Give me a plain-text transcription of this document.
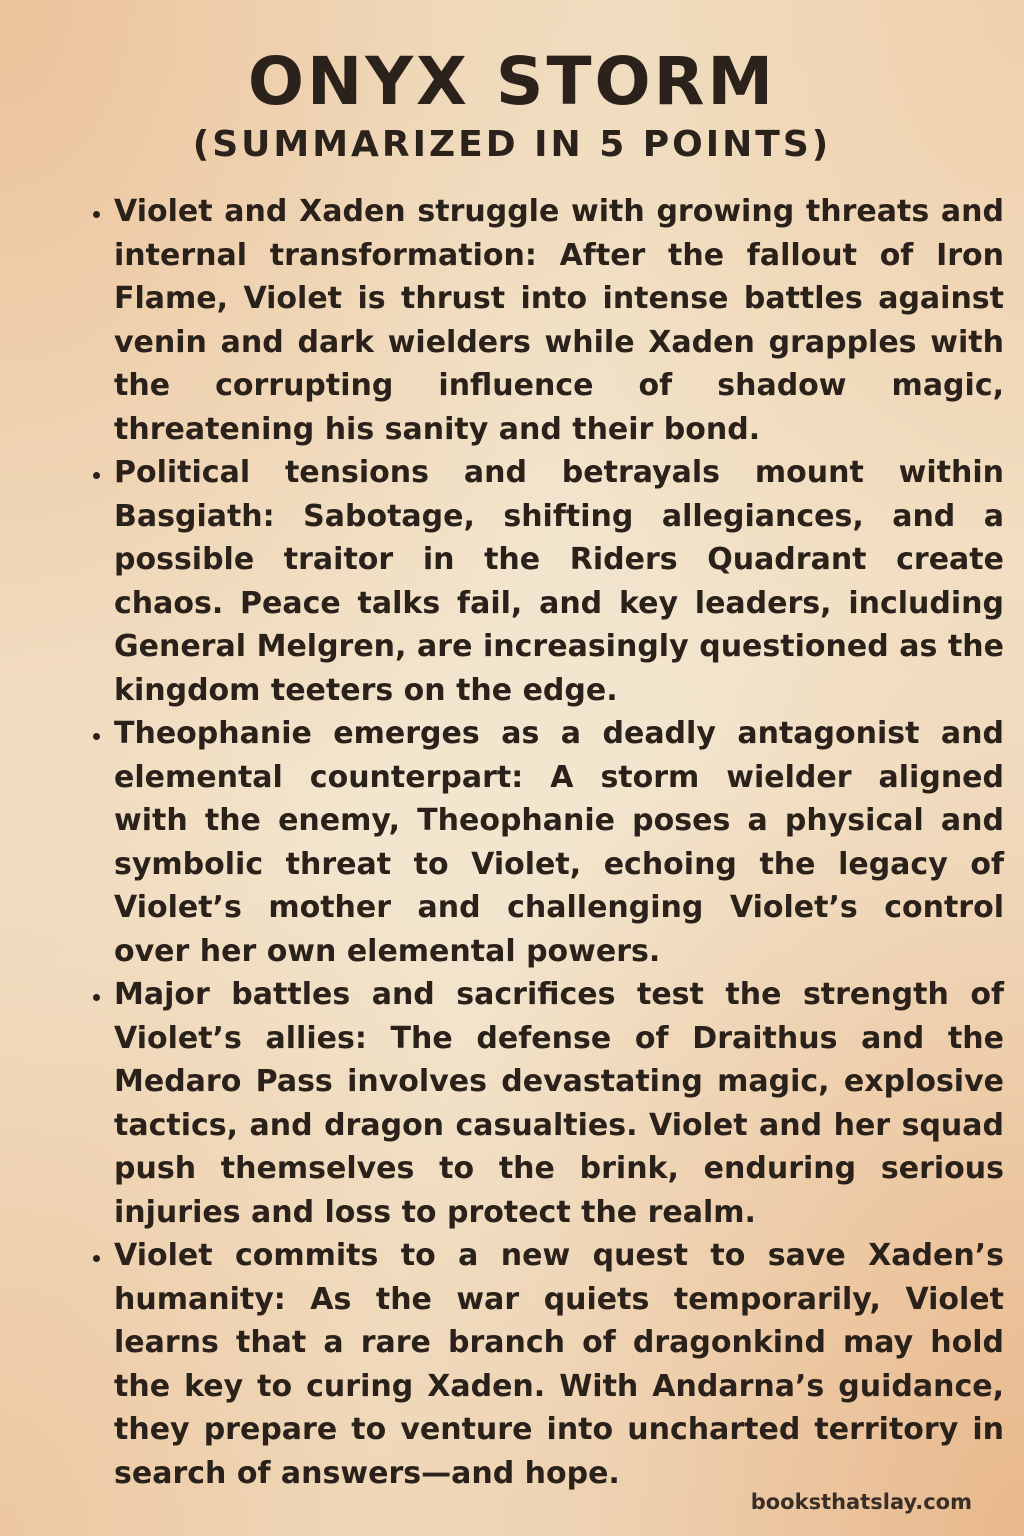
ONYX STORM
(SUMMARIZED IN 5 POINTS)
• Violet and Xaden struggle with growing threats and internal transformation: After the fallout of Iron Flame, Violet is thrust into intense battles against venin and dark wielders while Xaden grapples with the corrupting influence of shadow magic, threatening his sanity and their bond.
• Political tensions and betrayals mount within Basgiath: Sabotage, shifting allegiances, and a possible traitor in the Riders Quadrant create chaos. Peace talks fail, and key leaders, including General Melgren, are increasingly questioned as the kingdom teeters on the edge.
• Theophanie emerges as a deadly antagonist and elemental counterpart: A storm wielder aligned with the enemy, Theophanie poses a physical and symbolic threat to Violet, echoing the legacy of Violet’s mother and challenging Violet’s control over her own elemental powers.
• Major battles and sacrifices test the strength of Violet’s allies: The defense of Draithus and the Medaro Pass involves devastating magic, explosive tactics, and dragon casualties. Violet and her squad push themselves to the brink, enduring serious injuries and loss to protect the realm.
• Violet commits to a new quest to save Xaden’s humanity: As the war quiets temporarily, Violet learns that a rare branch of dragonkind may hold the key to curing Xaden. With Andarna’s guidance, they prepare to venture into uncharted territory in search of answers—and hope.
booksthatslay.com
